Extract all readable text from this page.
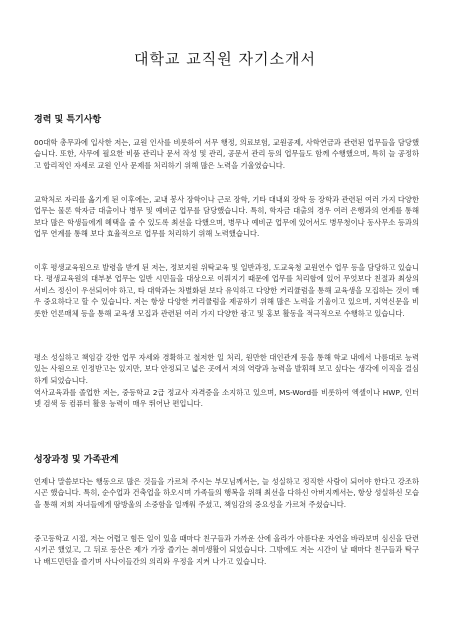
대학교 교직원 자기소개서
경력 및 특기사항

00대학 총무과에 입사한 저는, 교원 인사를 비롯하여 서무 행정, 의료보험, 교원공제, 사학연금과 관련된 업무들을 담당했습니다. 또한, 사무에 필요한 비품 관리나 문서 작성 및 관리, 공문서 관리 등의 업무들도 함께 수행했으며, 특히 늘 공정하고 합리적인 자세로 교원 인사 문제를 처리하기 위해 많은 노력을 기울였습니다.

교학처로 자리를 옮기게 된 이후에는, 교내 봉사 장학이나 근로 장학, 기타 대내외 장학 등 장학과 관련된 여러 가지 다양한 업무는 물론 학자금 대출이나 병무 및 예비군 업무를 담당했습니다. 특히, 학자금 대출의 경우 여러 은행과의 연계를 통해 보다 많은 학생들에게 혜택을 줄 수 있도록 최선을 다했으며, 병무나 예비군 업무에 있어서도 병무청이나 동사무소 등과의 업무 연계를 통해 보다 효율적으로 업무를 처리하기 위해 노력했습니다.

이후 평생교육원으로 발령을 받게 된 저는, 정보지원 위탁교육 및 일반과정, 도교육청 교원연수 업무 등을 담당하고 있습니다. 평생교육원의 대부분 업무는 일반 시민들을 대상으로 이뤄지기 때문에 업무를 처리함에 있어 무엇보다 친절과 최상의 서비스 정신이 우선되어야 하고, 타 대학과는 차별화된 보다 유익하고 다양한 커리큘럼을 통해 교육생을 모집하는 것이 매우 중요하다고 할 수 있습니다. 저는 항상 다양한 커리큘럼을 제공하기 위해 많은 노력을 기울이고 있으며, 지역신문을 비롯한 언론매체 등을 통해 교육생 모집과 관련된 여러 가지 다양한 광고 및 홍보 활동을 적극적으로 수행하고 있습니다.

평소 성실하고 책임감 강한 업무 자세와 경확하고 철저한 일 처리, 원만한 대인관계 등을 통해 학교 내에서 나름대로 능력 있는 사원으로 인정받고는 있지만, 보다 안정되고 넓은 곳에서 저의 역량과 능력을 발휘해 보고 싶다는 생각에 이직을 결심하게 되었습니다.

역사교육과를 졸업한 저는, 중등학교 2급 정교사 자격증을 소지하고 있으며, MS-Word를 비롯하여 엑셀이나 HWP, 인터넷 검색 등 컴퓨터 활용 능력이 매우 뛰어난 편입니다.

성장과정 및 가족관계

언제나 말씀보다는 행동으로 많은 것들을 가르쳐 주시는 부모님께서는, 늘 성실하고 정직한 사람이 되어야 한다고 강조하시곤 했습니다. 특히, 순수업과 건축업을 하오시며 가족들의 행복을 위해 최선을 다하신 아버지께서는, 항상 성실하신 모습을 통해 저희 자녀들에게 땀방울의 소중함을 일깨워 주셨고, 책임감의 중요성을 가르쳐 주셨습니다.

중고등학교 시절, 저는 어렵고 힘든 일이 있을 때마다 친구들과 가까운 산에 올라가 아름다운 자연을 바라보며 심신을 단련시키곤 했었고, 그 뒤로 등산은 제가 가장 즐기는 취미생활이 되었습니다. 그밖에도 저는 시간이 날 때마다 친구들과 탁구나 배드민턴을 즐기며 사나이들간의 의리와 우정을 지켜 나가고 있습니다.
